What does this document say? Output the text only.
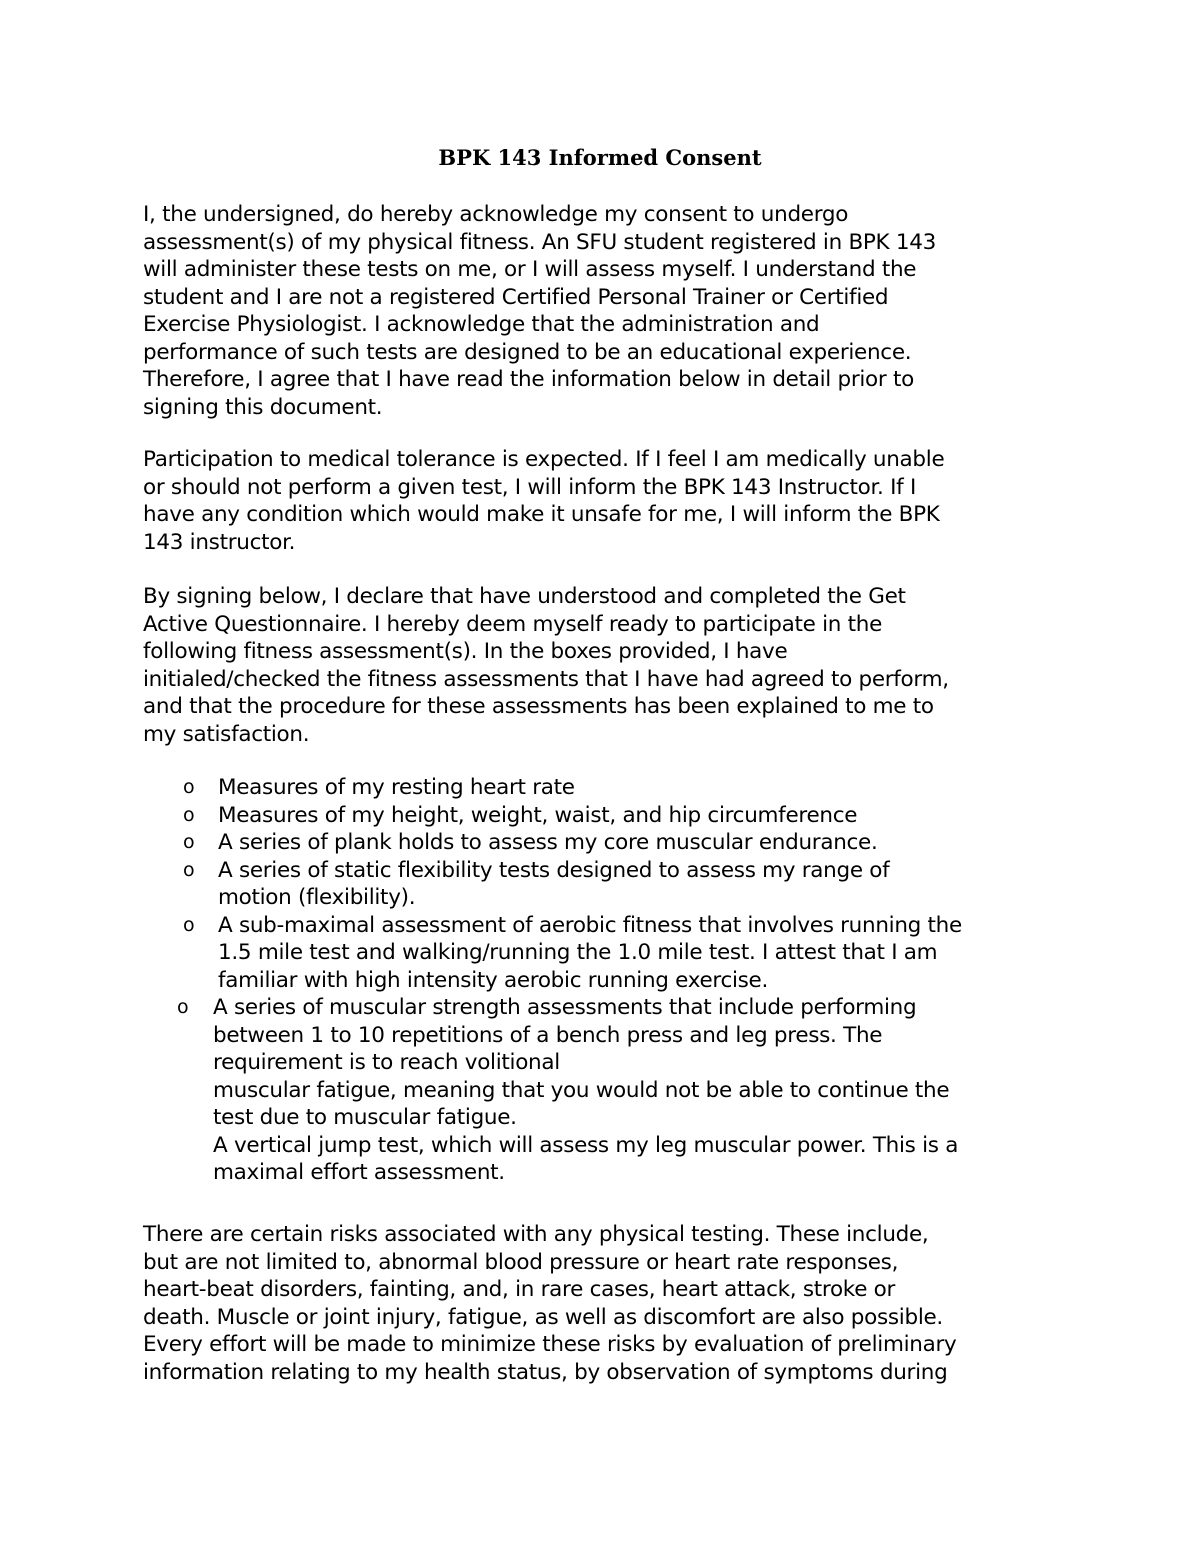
BPK 143 Informed Consent

I, the undersigned, do hereby acknowledge my consent to undergo
assessment(s) of my physical fitness. An SFU student registered in BPK 143
will administer these tests on me, or I will assess myself. I understand the
student and I are not a registered Certified Personal Trainer or Certified
Exercise Physiologist. I acknowledge that the administration and
performance of such tests are designed to be an educational experience.
Therefore, I agree that I have read the information below in detail prior to
signing this document.

Participation to medical tolerance is expected. If I feel I am medically unable
or should not perform a given test, I will inform the BPK 143 Instructor. If I
have any condition which would make it unsafe for me, I will inform the BPK
143 instructor.

By signing below, I declare that have understood and completed the Get
Active Questionnaire. I hereby deem myself ready to participate in the
following fitness assessment(s). In the boxes provided, I have
initialed/checked the fitness assessments that I have had agreed to perform,
and that the procedure for these assessments has been explained to me to
my satisfaction.

o Measures of my resting heart rate
o Measures of my height, weight, waist, and hip circumference
o A series of plank holds to assess my core muscular endurance.
o A series of static flexibility tests designed to assess my range of
motion (flexibility).
o A sub-maximal assessment of aerobic fitness that involves running the
1.5 mile test and walking/running the 1.0 mile test. I attest that I am
familiar with high intensity aerobic running exercise.
o A series of muscular strength assessments that include performing
between 1 to 10 repetitions of a bench press and leg press. The
requirement is to reach volitional
muscular fatigue, meaning that you would not be able to continue the
test due to muscular fatigue.
A vertical jump test, which will assess my leg muscular power. This is a
maximal effort assessment.

There are certain risks associated with any physical testing. These include,
but are not limited to, abnormal blood pressure or heart rate responses,
heart-beat disorders, fainting, and, in rare cases, heart attack, stroke or
death. Muscle or joint injury, fatigue, as well as discomfort are also possible.
Every effort will be made to minimize these risks by evaluation of preliminary
information relating to my health status, by observation of symptoms during
